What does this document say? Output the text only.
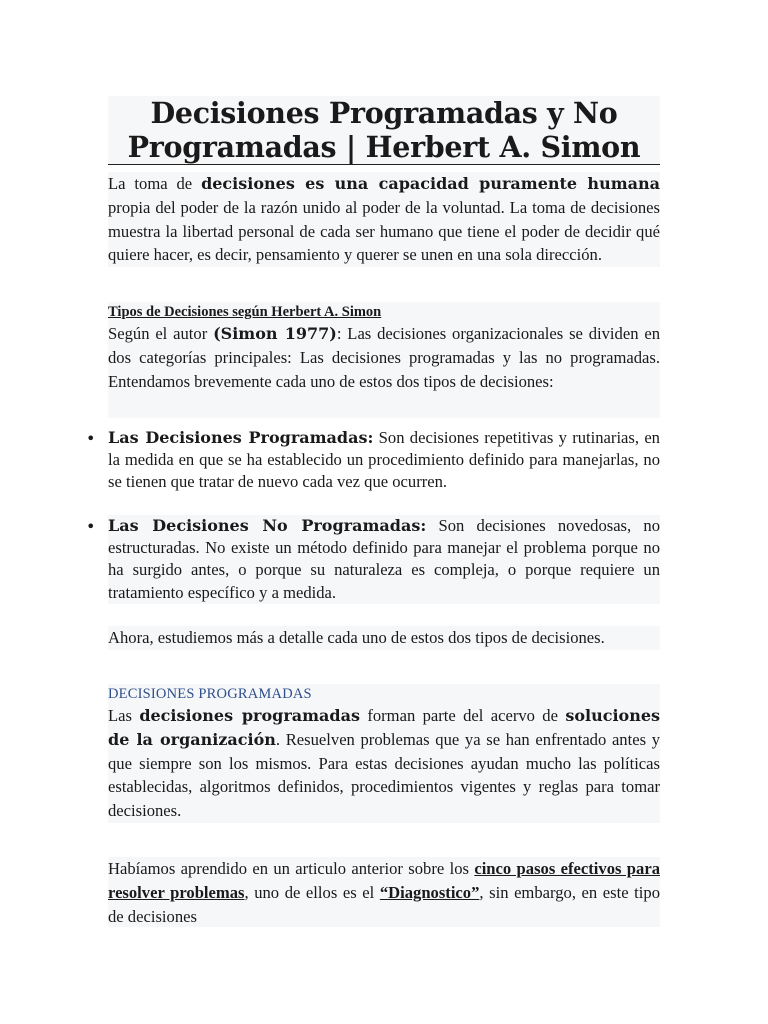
Decisiones Programadas y No Programadas | Herbert A. Simon
La toma de decisiones es una capacidad puramente humana propia del poder de la razón unido al poder de la voluntad. La toma de decisiones muestra la libertad personal de cada ser humano que tiene el poder de decidir qué quiere hacer, es decir, pensamiento y querer se unen en una sola dirección.
Tipos de Decisiones según Herbert A. Simon
Según el autor (Simon 1977): Las decisiones organizacionales se dividen en dos categorías principales: Las decisiones programadas y las no programadas. Entendamos brevemente cada uno de estos dos tipos de decisiones:
• Las Decisiones Programadas: Son decisiones repetitivas y rutinarias, en la medida en que se ha establecido un procedimiento definido para manejarlas, no se tienen que tratar de nuevo cada vez que ocurren.
• Las Decisiones No Programadas: Son decisiones novedosas, no estructuradas. No existe un método definido para manejar el problema porque no ha surgido antes, o porque su naturaleza es compleja, o porque requiere un tratamiento específico y a medida.
Ahora, estudiemos más a detalle cada uno de estos dos tipos de decisiones.
DECISIONES PROGRAMADAS
Las decisiones programadas forman parte del acervo de soluciones de la organización. Resuelven problemas que ya se han enfrentado antes y que siempre son los mismos. Para estas decisiones ayudan mucho las políticas establecidas, algoritmos definidos, procedimientos vigentes y reglas para tomar decisiones.
Habíamos aprendido en un articulo anterior sobre los cinco pasos efectivos para resolver problemas, uno de ellos es el “Diagnostico”, sin embargo, en este tipo de decisiones
